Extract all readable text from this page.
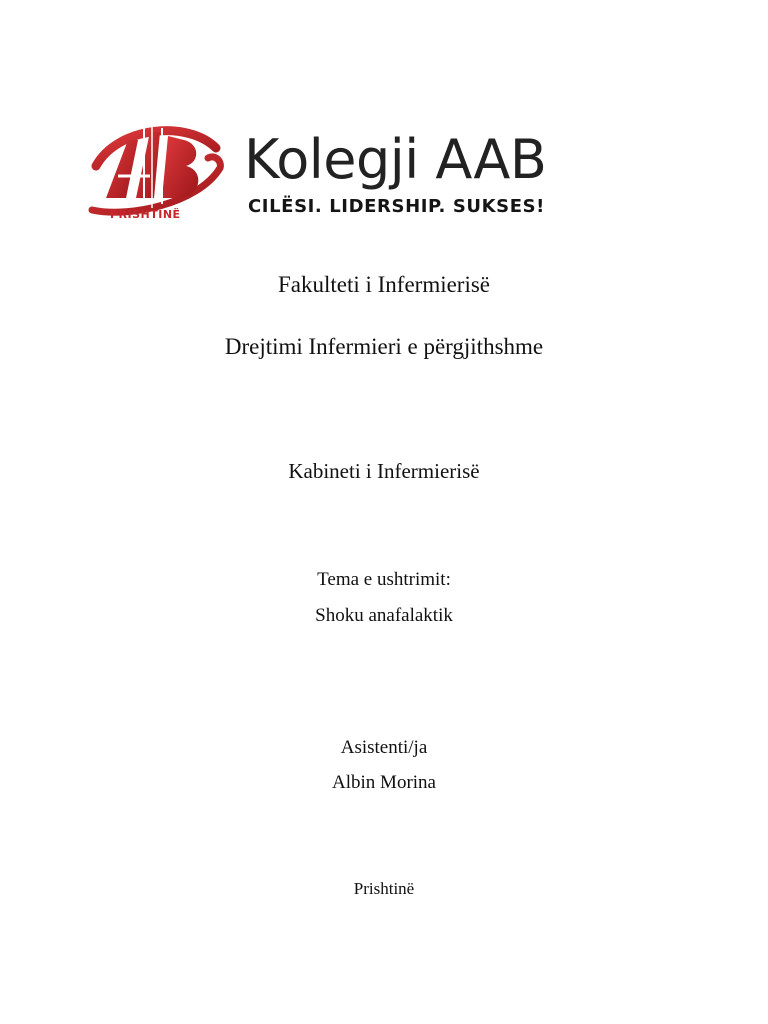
PRISHTINË
Kolegji AAB
CILËSI. LIDERSHIP. SUKSES!
Fakulteti i Infermierisë
Drejtimi Infermieri e përgjithshme
Kabineti i Infermierisë
Tema e ushtrimit:
Shoku anafalaktik
Asistenti/ja
Albin Morina
Prishtinë
